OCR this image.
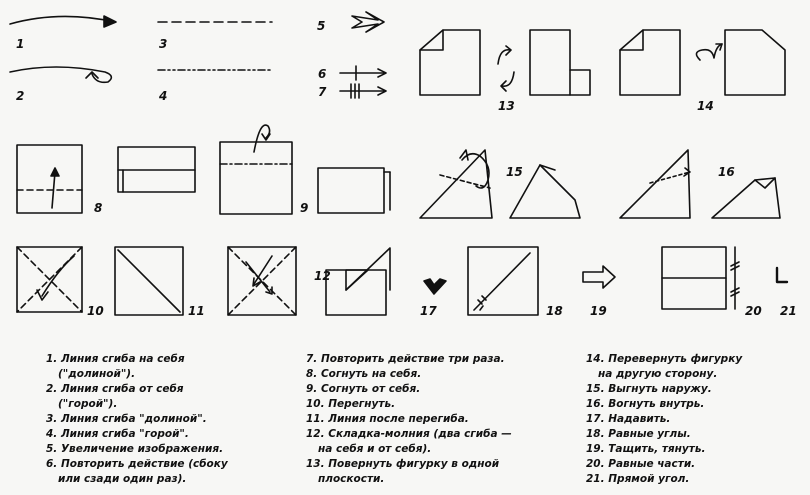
1
2
3
4
5
6
7
8	9
10	11
12
13	14
15	16
17	18 19	20 21
1. Линия сгиба на себя
("долиной").
2. Линия сгиба от себя
("горой").
3. Линия сгиба "долиной".
4. Линия сгиба "горой".
5. Увеличение изображения.
6. Повторить действие (сбоку
или сзади один раз).
7. Повторить действие три раза.
8. Согнуть на себя.
9. Согнуть от себя.
10. Перегнуть.
11. Линия после перегиба.
12. Складка-молния (два сгиба —
на себя и от себя).
13. Повернуть фигурку в одной
плоскости.
14. Перевернуть фигурку
на другую сторону.
15. Выгнуть наружу.
16. Вогнуть внутрь.
17. Надавить.
18. Равные углы.
19. Тащить, тянуть.
20. Равные части.
21. Прямой угол.
